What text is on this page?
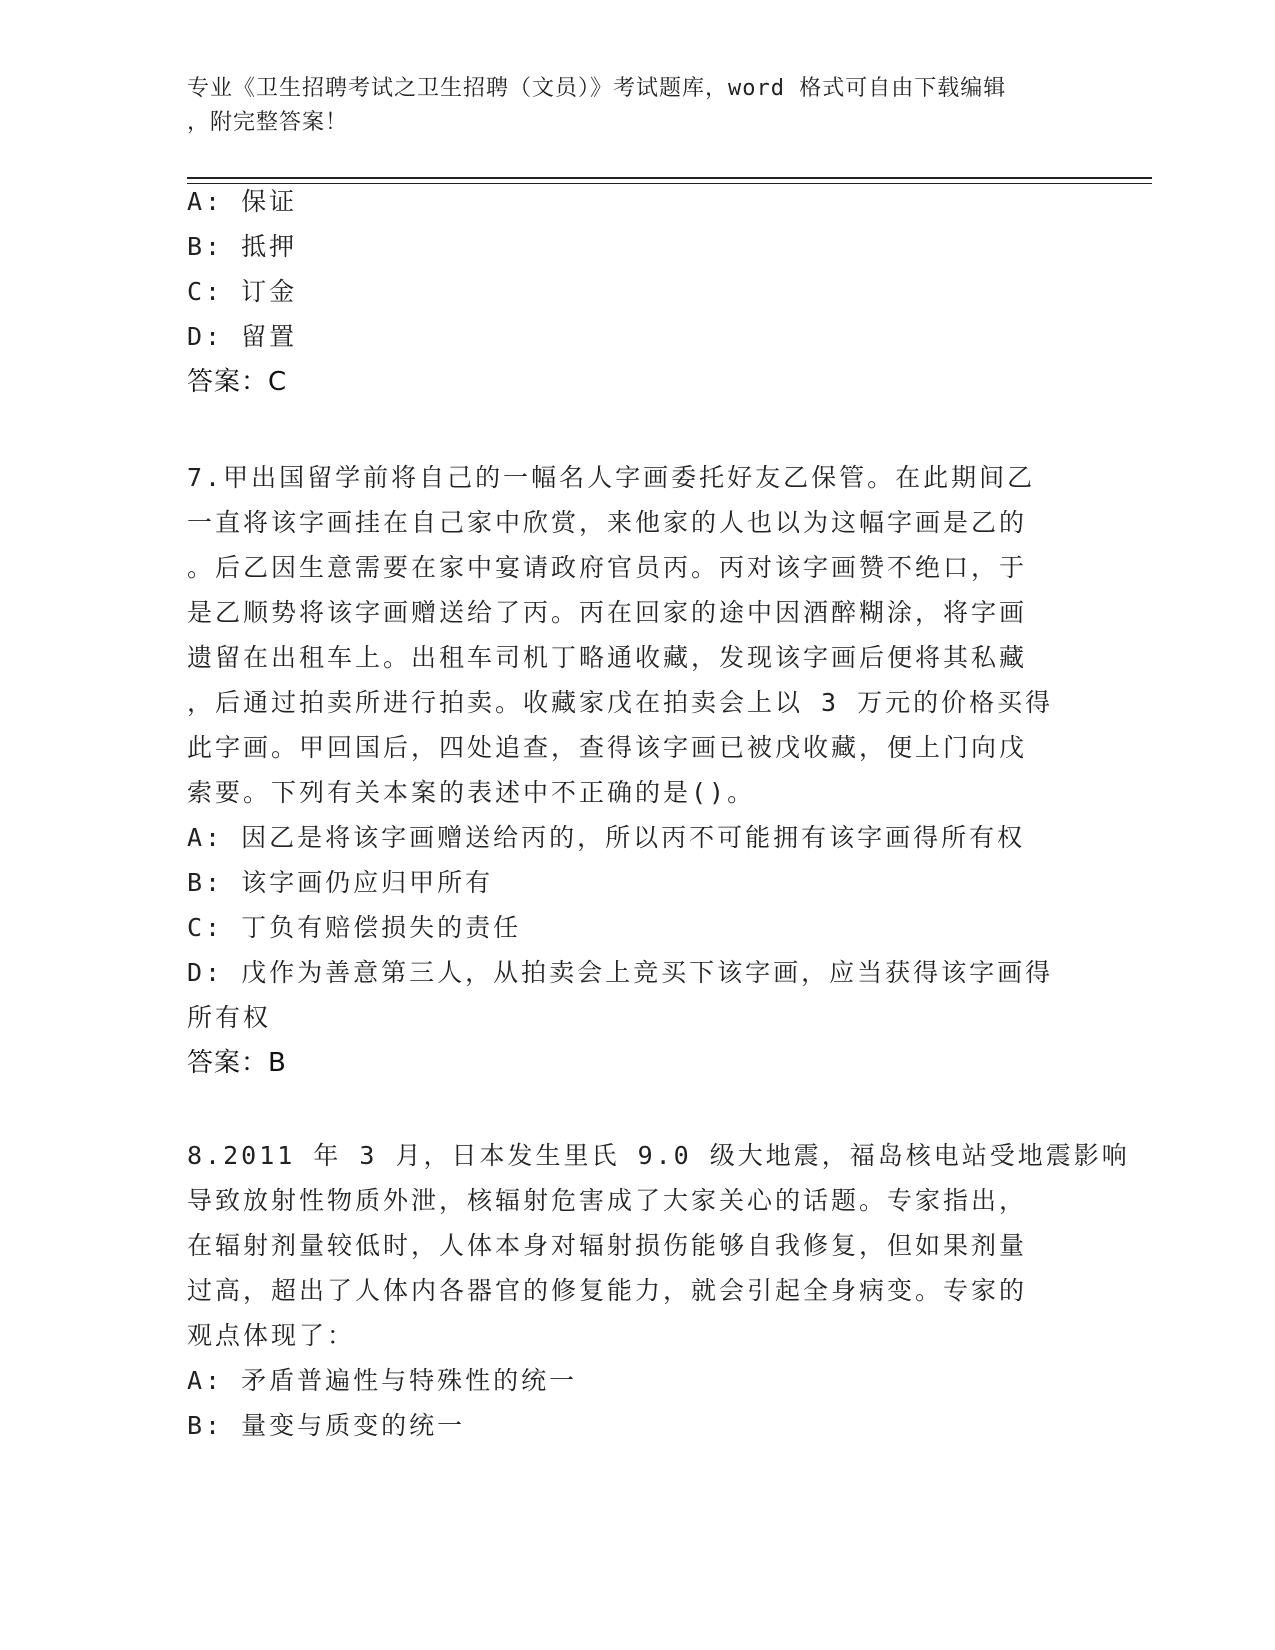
专业《卫生招聘考试之卫生招聘（文员）》考试题库，word 格式可自由下载编辑
，附完整答案！
A: 保证
B: 抵押
C: 订金
D: 留置
答案：C
7.甲出国留学前将自己的一幅名人字画委托好友乙保管。在此期间乙
一直将该字画挂在自己家中欣赏，来他家的人也以为这幅字画是乙的
。后乙因生意需要在家中宴请政府官员丙。丙对该字画赞不绝口，于
是乙顺势将该字画赠送给了丙。丙在回家的途中因酒醉糊涂，将字画
遗留在出租车上。出租车司机丁略通收藏，发现该字画后便将其私藏
，后通过拍卖所进行拍卖。收藏家戊在拍卖会上以 3 万元的价格买得
此字画。甲回国后，四处追查，查得该字画已被戊收藏，便上门向戊
索要。下列有关本案的表述中不正确的是()。
A: 因乙是将该字画赠送给丙的，所以丙不可能拥有该字画得所有权
B: 该字画仍应归甲所有
C: 丁负有赔偿损失的责任
D: 戊作为善意第三人，从拍卖会上竞买下该字画，应当获得该字画得
所有权
答案：B
8.2011 年 3 月，日本发生里氏 9.0 级大地震，福岛核电站受地震影响
导致放射性物质外泄，核辐射危害成了大家关心的话题。专家指出，
在辐射剂量较低时，人体本身对辐射损伤能够自我修复，但如果剂量
过高，超出了人体内各器官的修复能力，就会引起全身病变。专家的
观点体现了：
A: 矛盾普遍性与特殊性的统一
B: 量变与质变的统一
